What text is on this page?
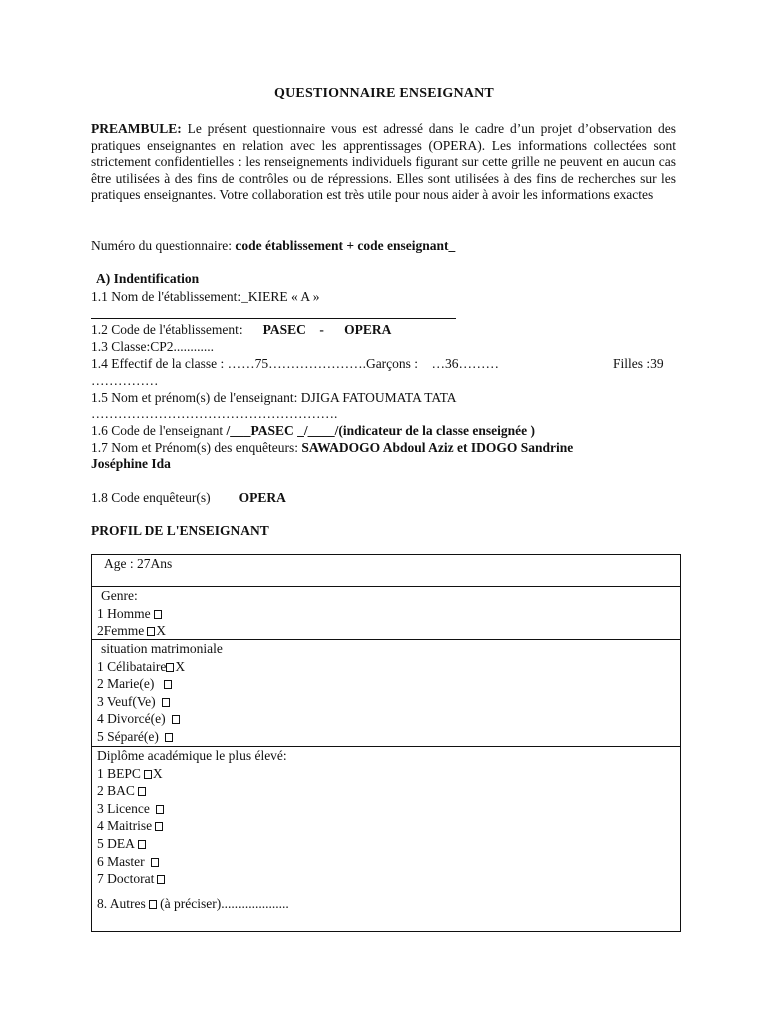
QUESTIONNAIRE ENSEIGNANT
PREAMBULE: Le présent questionnaire vous est adressé dans le cadre d’un projet d’observation des pratiques enseignantes en relation avec les apprentissages (OPERA). Les informations collectées sont strictement confidentielles : les renseignements individuels figurant sur cette grille ne peuvent en aucun cas être utilisées à des fins de contrôles ou de répressions. Elles sont utilisées à des fins de recherches sur les pratiques enseignantes. Votre collaboration est très utile pour nous aider à avoir les informations exactes
Numéro du questionnaire: code établissement + code enseignant_
A) Indentification
1.1 Nom de l'établissement:_KIERE « A »
1.2 Code de l'établissement: PASEC    -      OPERA
1.3 Classe:CP2............
1.4 Effectif de la classe : ……75………………….Garçons :    …36………	Filles :39
……………
1.5 Nom et prénom(s) de l'enseignant: DJIGA FATOUMATA TATA
……………………………………………….
1.6 Code de l'enseignant /___PASEC _/____/(indicateur de la classe enseignée )
1.7 Nom et Prénom(s) des enquêteurs: SAWADOGO Abdoul Aziz et IDOGO Sandrine
Joséphine Ida
1.8 Code enquêteur(s) OPERA
PROFIL DE L'ENSEIGNANT
Age : 27Ans
Genre:
1 Homme
2Femme X
situation matrimoniale
1 Célibataire X
2 Marie(e)
3 Veuf(Ve)
4 Divorcé(e)
5 Séparé(e)
Diplôme académique le plus élevé:
1 BEPC X
2 BAC
3 Licence
4 Maitrise
5 DEA
6 Master
7 Doctorat
8. Autres (à préciser)....................
